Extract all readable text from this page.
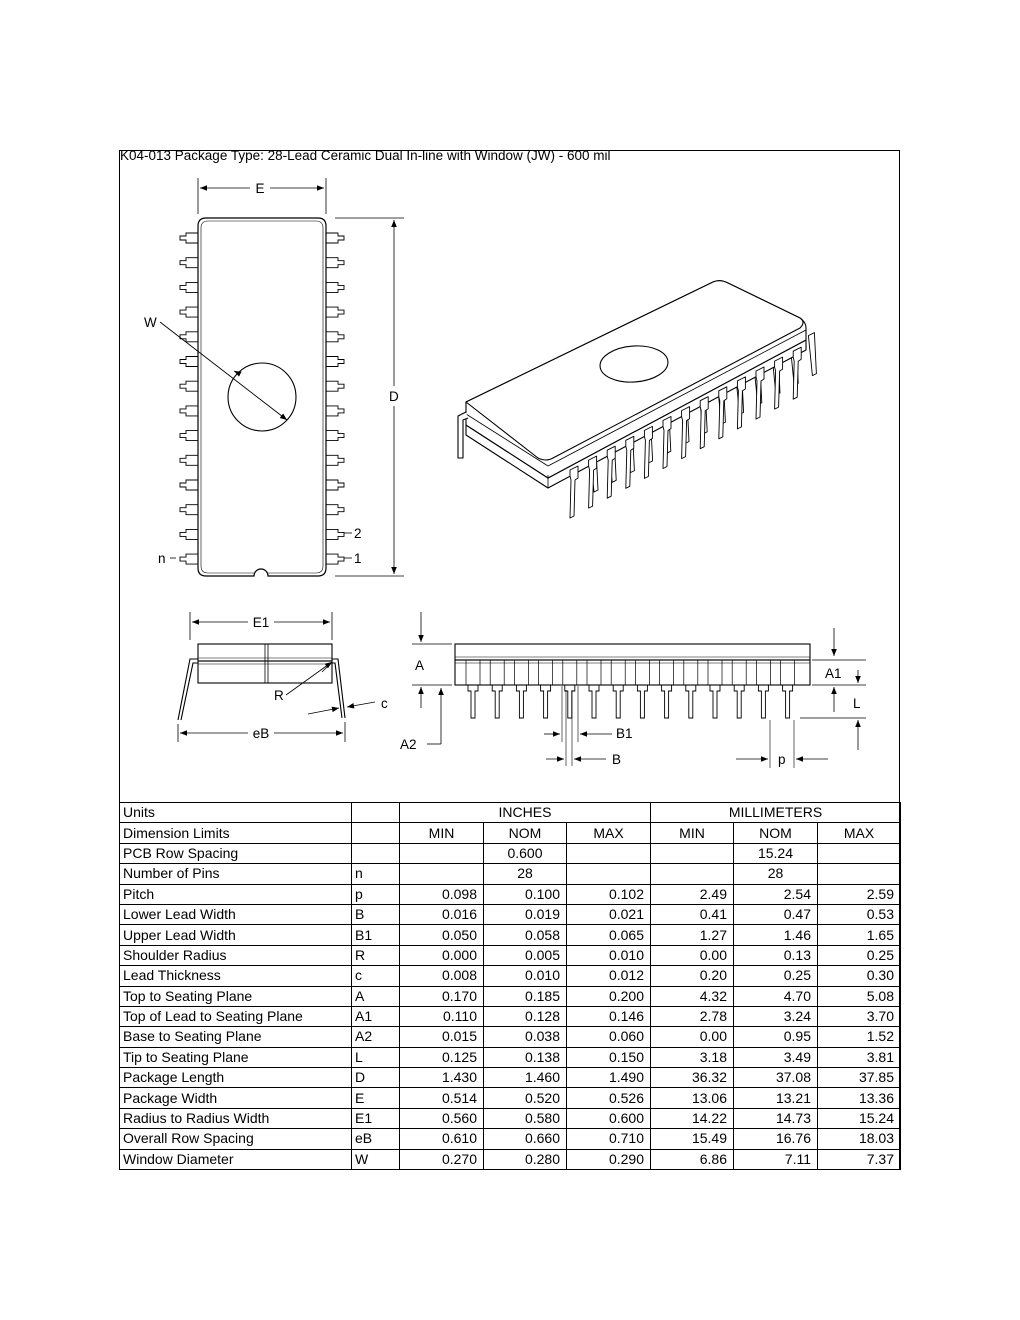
K04-013 Package Type: 28-Lead Ceramic Dual In-line with Window (JW) - 600 mil
E
W
D
2
1
n
E1
R
c
eB
A
A2
A1
L
B1
B	p
Units		INCHES			MILLIMETERS		
Dimension Limits		MIN	NOM	MAX	MIN	NOM	MAX
PCB Row Spacing			0.600			15.24	
Number of Pins	n		28			28	
Pitch	p	0.098	0.100	0.102	2.49	2.54	2.59
Lower Lead Width	B	0.016	0.019	0.021	0.41	0.47	0.53
Upper Lead Width	B1	0.050	0.058	0.065	1.27	1.46	1.65
Shoulder Radius	R	0.000	0.005	0.010	0.00	0.13	0.25
Lead Thickness	c	0.008	0.010	0.012	0.20	0.25	0.30
Top to Seating Plane	A	0.170	0.185	0.200	4.32	4.70	5.08
Top of Lead to Seating Plane	A1	0.110	0.128	0.146	2.78	3.24	3.70
Base to Seating Plane	A2	0.015	0.038	0.060	0.00	0.95	1.52
Tip to Seating Plane	L	0.125	0.138	0.150	3.18	3.49	3.81
Package Length	D	1.430	1.460	1.490	36.32	37.08	37.85
Package Width	E	0.514	0.520	0.526	13.06	13.21	13.36
Radius to Radius Width	E1	0.560	0.580	0.600	14.22	14.73	15.24
Overall Row Spacing	eB	0.610	0.660	0.710	15.49	16.76	18.03
Window Diameter	W	0.270	0.280	0.290	6.86	7.11	7.37
